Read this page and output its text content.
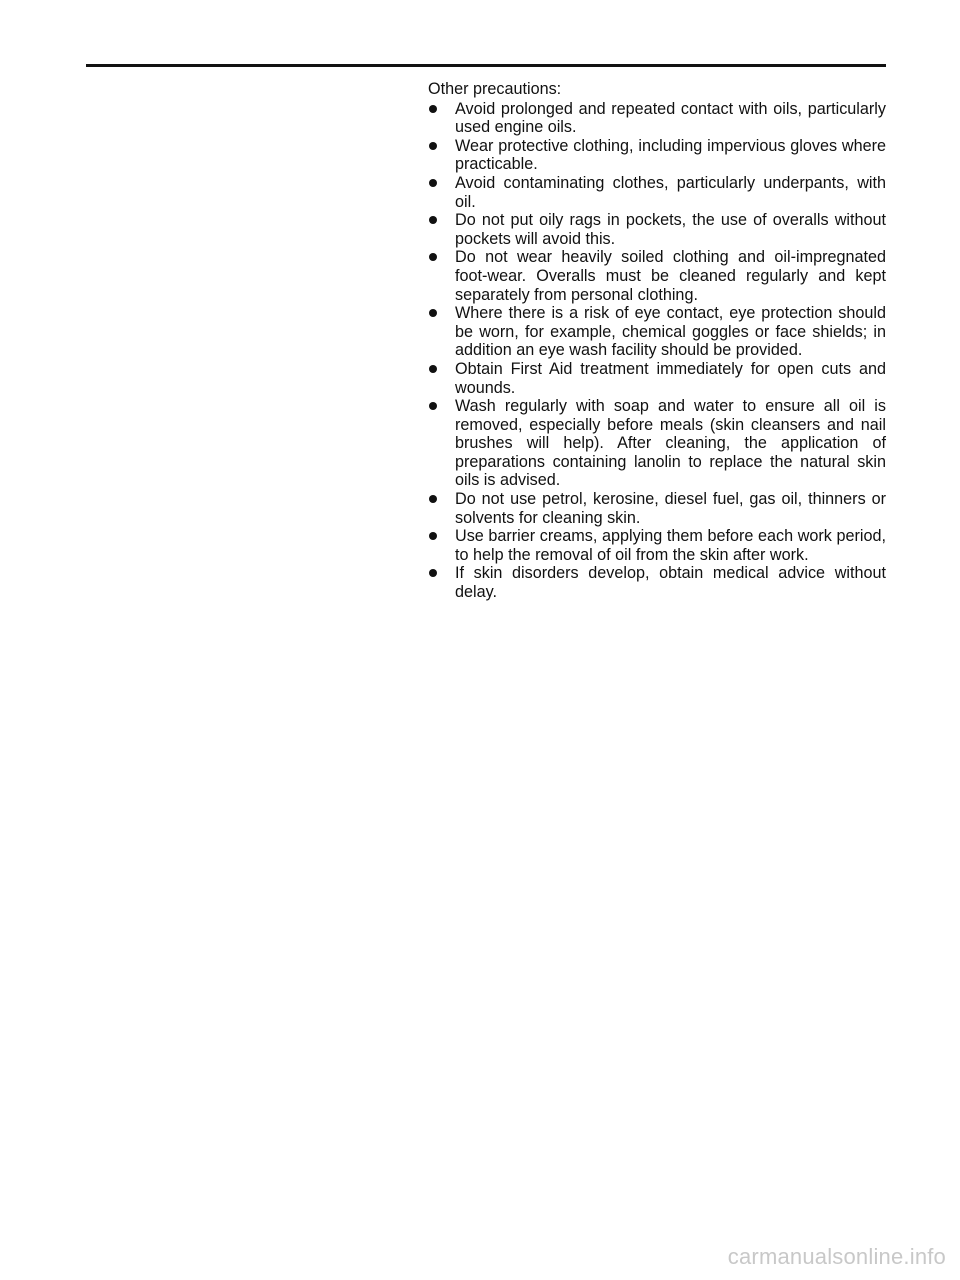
Other precautions:
Avoid prolonged and repeated contact with oils, particularly used engine oils.
Wear protective clothing, including impervious gloves where practicable.
Avoid contaminating clothes, particularly underpants, with oil.
Do not put oily rags in pockets, the use of overalls without pockets will avoid this.
Do not wear heavily soiled clothing and oil-impregnated foot-wear. Overalls must be cleaned regularly and kept separately from personal clothing.
Where there is a risk of eye contact, eye protection should be worn, for example, chemical goggles or face shields; in addition an eye wash facility should be provided.
Obtain First Aid treatment immediately for open cuts and wounds.
Wash regularly with soap and water to ensure all oil is removed, especially before meals (skin cleansers and nail brushes will help). After cleaning, the application of preparations containing lanolin to replace the natural skin oils is advised.
Do not use petrol, kerosine, diesel fuel, gas oil, thinners or solvents for cleaning skin.
Use barrier creams, applying them before each work period, to help the removal of oil from the skin after work.
If skin disorders develop, obtain medical advice without delay.
carmanualsonline.info
